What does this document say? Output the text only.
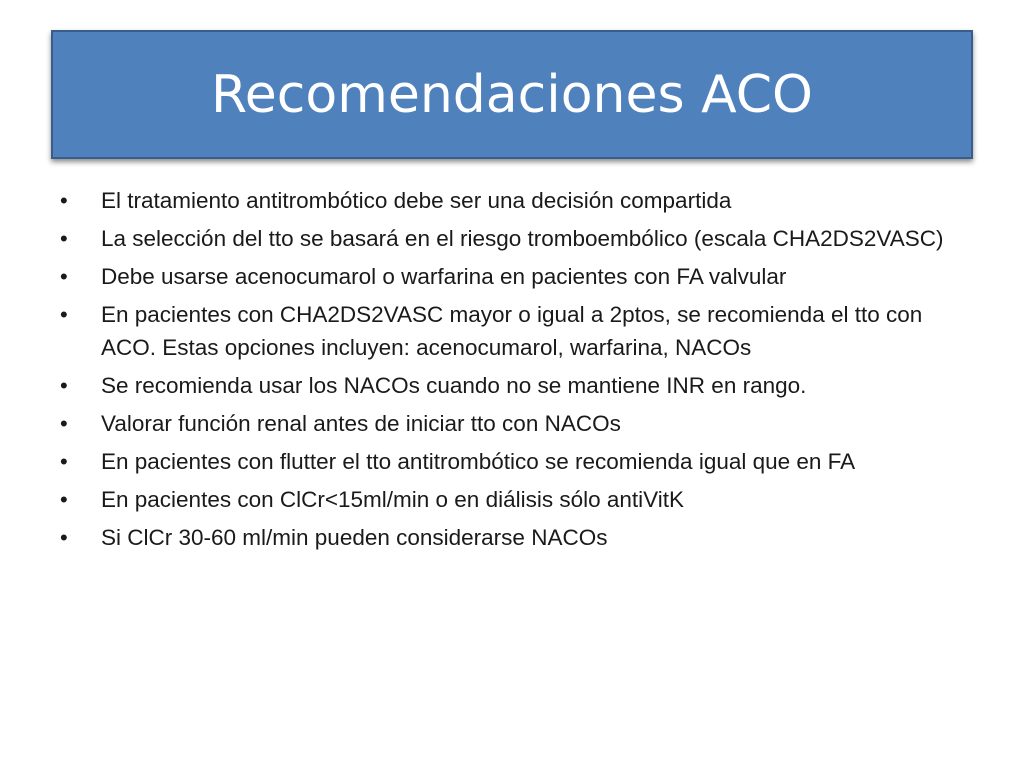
Recomendaciones ACO
•	El tratamiento antitrombótico debe ser una decisión compartida
•	La selección del tto se basará en el riesgo tromboembólico (escala CHA2DS2VASC)
•	Debe usarse acenocumarol o warfarina en pacientes con FA valvular
•	En pacientes con CHA2DS2VASC mayor o igual a 2ptos, se recomienda el tto con ACO. Estas opciones incluyen: acenocumarol, warfarina, NACOs
•	Se recomienda usar los NACOs cuando no se mantiene INR en rango.
•	Valorar función renal antes de iniciar tto con NACOs
•	En pacientes con flutter el tto antitrombótico se recomienda igual que en FA
•	En pacientes con ClCr<15ml/min o en diálisis sólo antiVitK
•	Si ClCr 30-60 ml/min pueden considerarse NACOs
